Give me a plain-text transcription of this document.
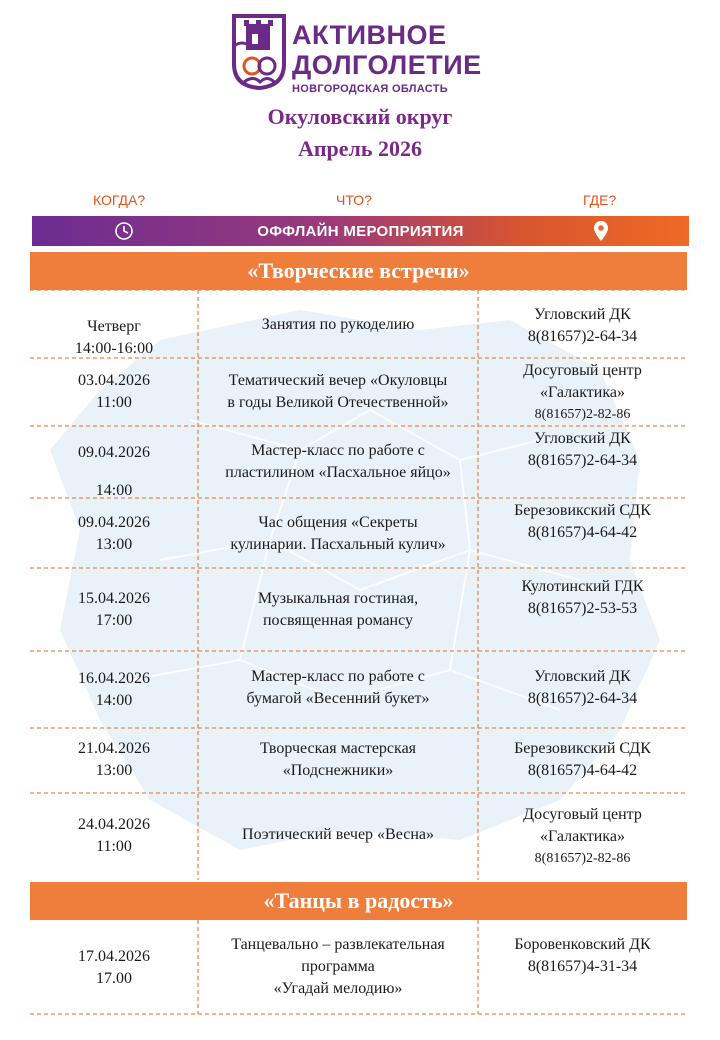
АКТИВНОЕ
ДОЛГОЛЕТИЕ
НОВГОРОДСКАЯ ОБЛАСТЬ
Окуловский округ
Апрель 2026
КОГДА?	ЧТО?	ГДЕ?
ОФФЛАЙН МЕРОПРИЯТИЯ
«Творческие встречи»
«Танцы в радость»
Четверг
14:00-16:00
Занятия по рукоделию
Угловский ДК
8(81657)2-64-34
03.04.2026
11:00
Тематический вечер «Окуловцы
в годы Великой Отечественной»
Досуговый центр
«Галактика»
8(81657)2-82-86
09.04.2026
14:00
Мастер-класс по работе с
пластилином «Пасхальное яйцо»
Угловский ДК
8(81657)2-64-34
09.04.2026
13:00
Час общения «Секреты
кулинарии. Пасхальный кулич»
Березовикский СДК
8(81657)4-64-42
15.04.2026
17:00
Музыкальная гостиная,
посвященная романсу
Кулотинский ГДК
8(81657)2-53-53
16.04.2026
14:00
Мастер-класс по работе с
бумагой «Весенний букет»
Угловский ДК
8(81657)2-64-34
21.04.2026
13:00
Творческая мастерская
«Подснежники»
Березовикский СДК
8(81657)4-64-42
24.04.2026
11:00
Поэтический вечер «Весна»
Досуговый центр
«Галактика»
8(81657)2-82-86
17.04.2026
17.00
Танцевально – развлекательная
программа
«Угадай мелодию»
Боровенковский ДК
8(81657)4-31-34
